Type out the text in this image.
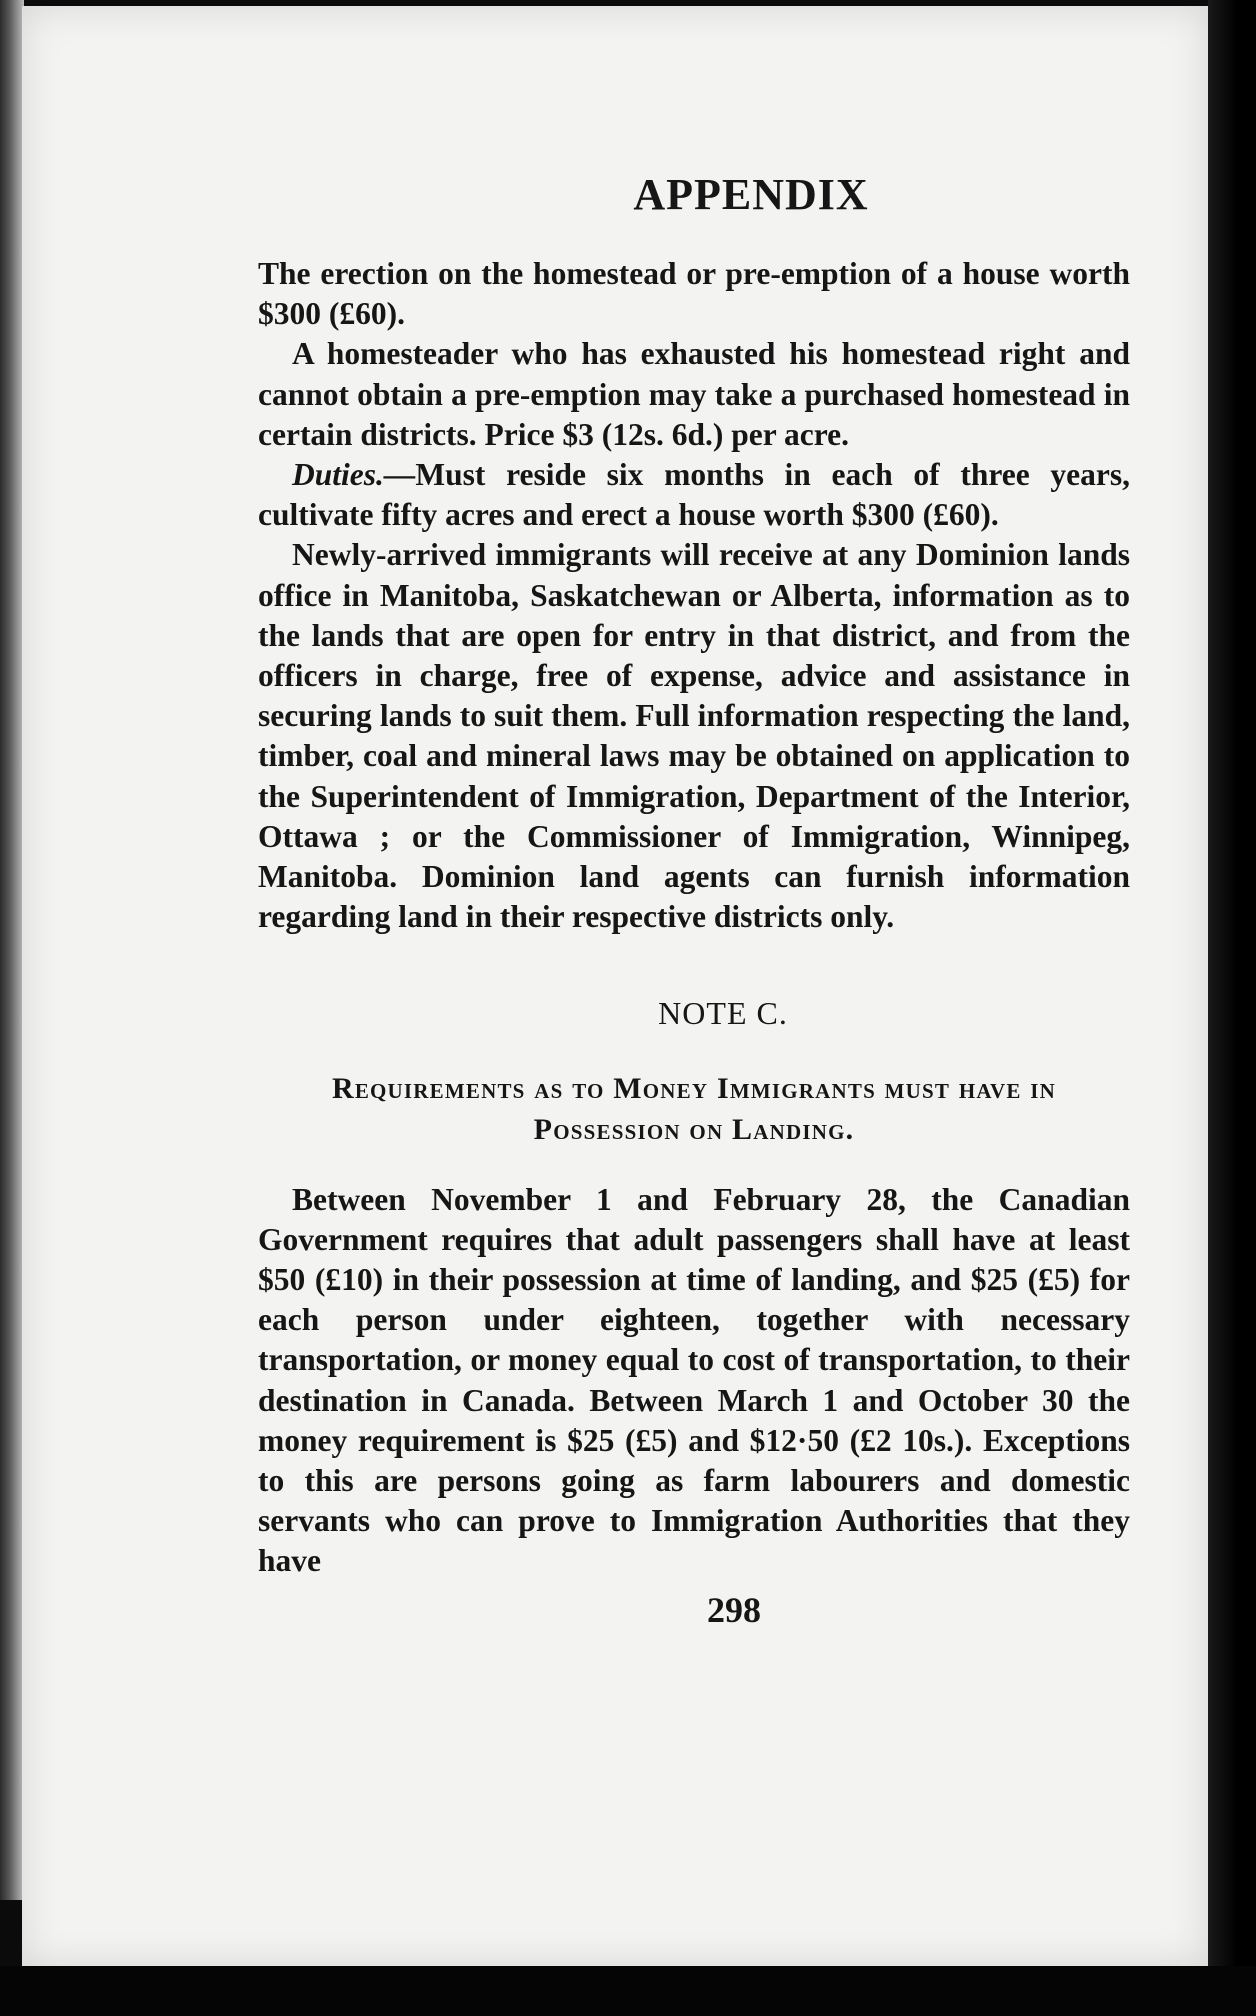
APPENDIX

The erection on the homestead or pre-emption of a house worth $300 (£60).

A homesteader who has exhausted his homestead right and cannot obtain a pre-emption may take a purchased homestead in certain districts. Price $3 (12s. 6d.) per acre.

Duties.—Must reside six months in each of three years, cultivate fifty acres and erect a house worth $300 (£60).

Newly-arrived immigrants will receive at any Dominion lands office in Manitoba, Saskatchewan or Alberta, information as to the lands that are open for entry in that district, and from the officers in charge, free of expense, advice and assistance in securing lands to suit them. Full information respecting the land, timber, coal and mineral laws may be obtained on application to the Superintendent of Immigration, Department of the Interior, Ottawa ; or the Commissioner of Immigration, Winnipeg, Manitoba. Dominion land agents can furnish information regarding land in their respective districts only.

NOTE C.
Requirements as to Money Immigrants must have in Possession on Landing.

Between November 1 and February 28, the Canadian Government requires that adult passengers shall have at least $50 (£10) in their possession at time of landing, and $25 (£5) for each person under eighteen, together with necessary transportation, or money equal to cost of transportation, to their destination in Canada. Between March 1 and October 30 the money requirement is $25 (£5) and $12·50 (£2 10s.). Exceptions to this are persons going as farm labourers and domestic servants who can prove to Immigration Authorities that they have

298
